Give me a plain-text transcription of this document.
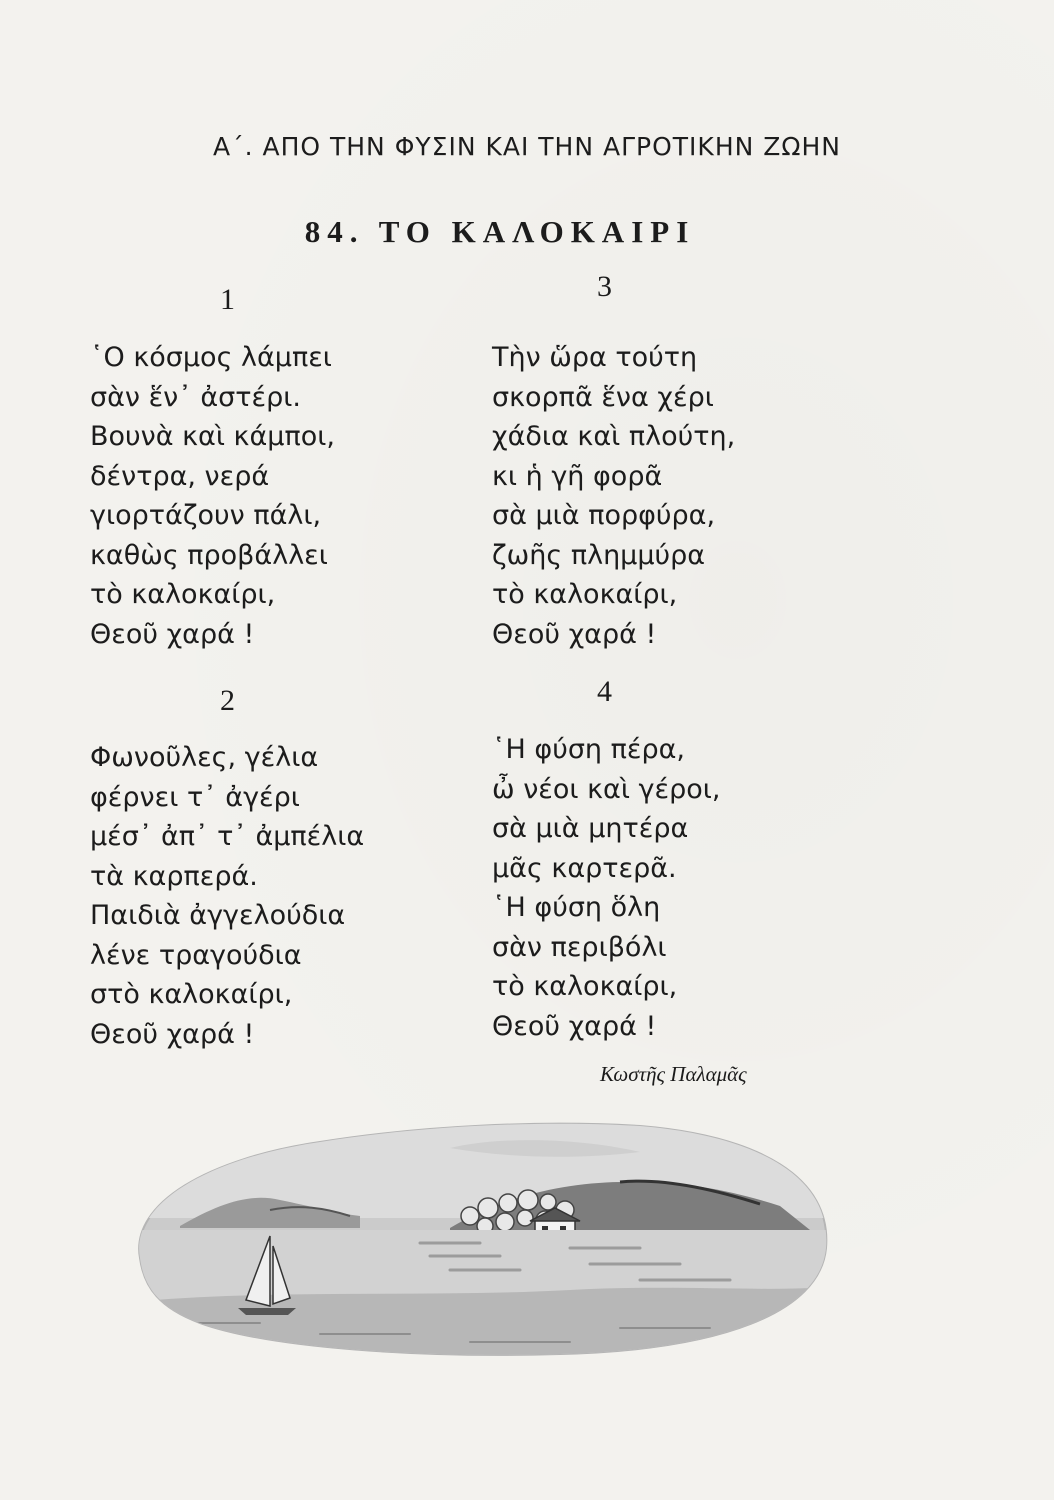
Α΄. ΑΠΟ ΤΗΝ ΦΥΣΙΝ ΚΑΙ ΤΗΝ ΑΓΡΟΤΙΚΗΝ ΖΩΗΝ
84. ΤΟ ΚΑΛΟΚΑΙΡΙ
1
῾Ο κόσμος λάμπει
σὰν ἕν᾿ ἀστέρι.
Βουνὰ καὶ κάμποι,
δέντρα, νερά
γιορτάζουν πάλι,
καθὼς προβάλλει
τὸ καλοκαίρι,
Θεοῦ χαρά !
2
Φωνοῦλες, γέλια
φέρνει τ᾿ ἀγέρι
μέσ᾿ ἀπ᾿ τ᾿ ἀμπέλια
τὰ καρπερά.
Παιδιὰ ἀγγελούδια
λένε τραγούδια
στὸ καλοκαίρι,
Θεοῦ χαρά !
3
Τὴν ὥρα τούτη
σκορπᾶ ἕνα χέρι
χάδια καὶ πλούτη,
κι ἡ γῆ φορᾶ
σὰ μιὰ πορφύρα,
ζωῆς πλημμύρα
τὸ καλοκαίρι,
Θεοῦ χαρά !
4
῾Η φύση πέρα,
ὦ νέοι καὶ γέροι,
σὰ μιὰ μητέρα
μᾶς καρτερᾶ.
῾Η φύση ὅλη
σὰν περιβόλι
τὸ καλοκαίρι,
Θεοῦ χαρά !
Κωστῆς Παλαμᾶς
